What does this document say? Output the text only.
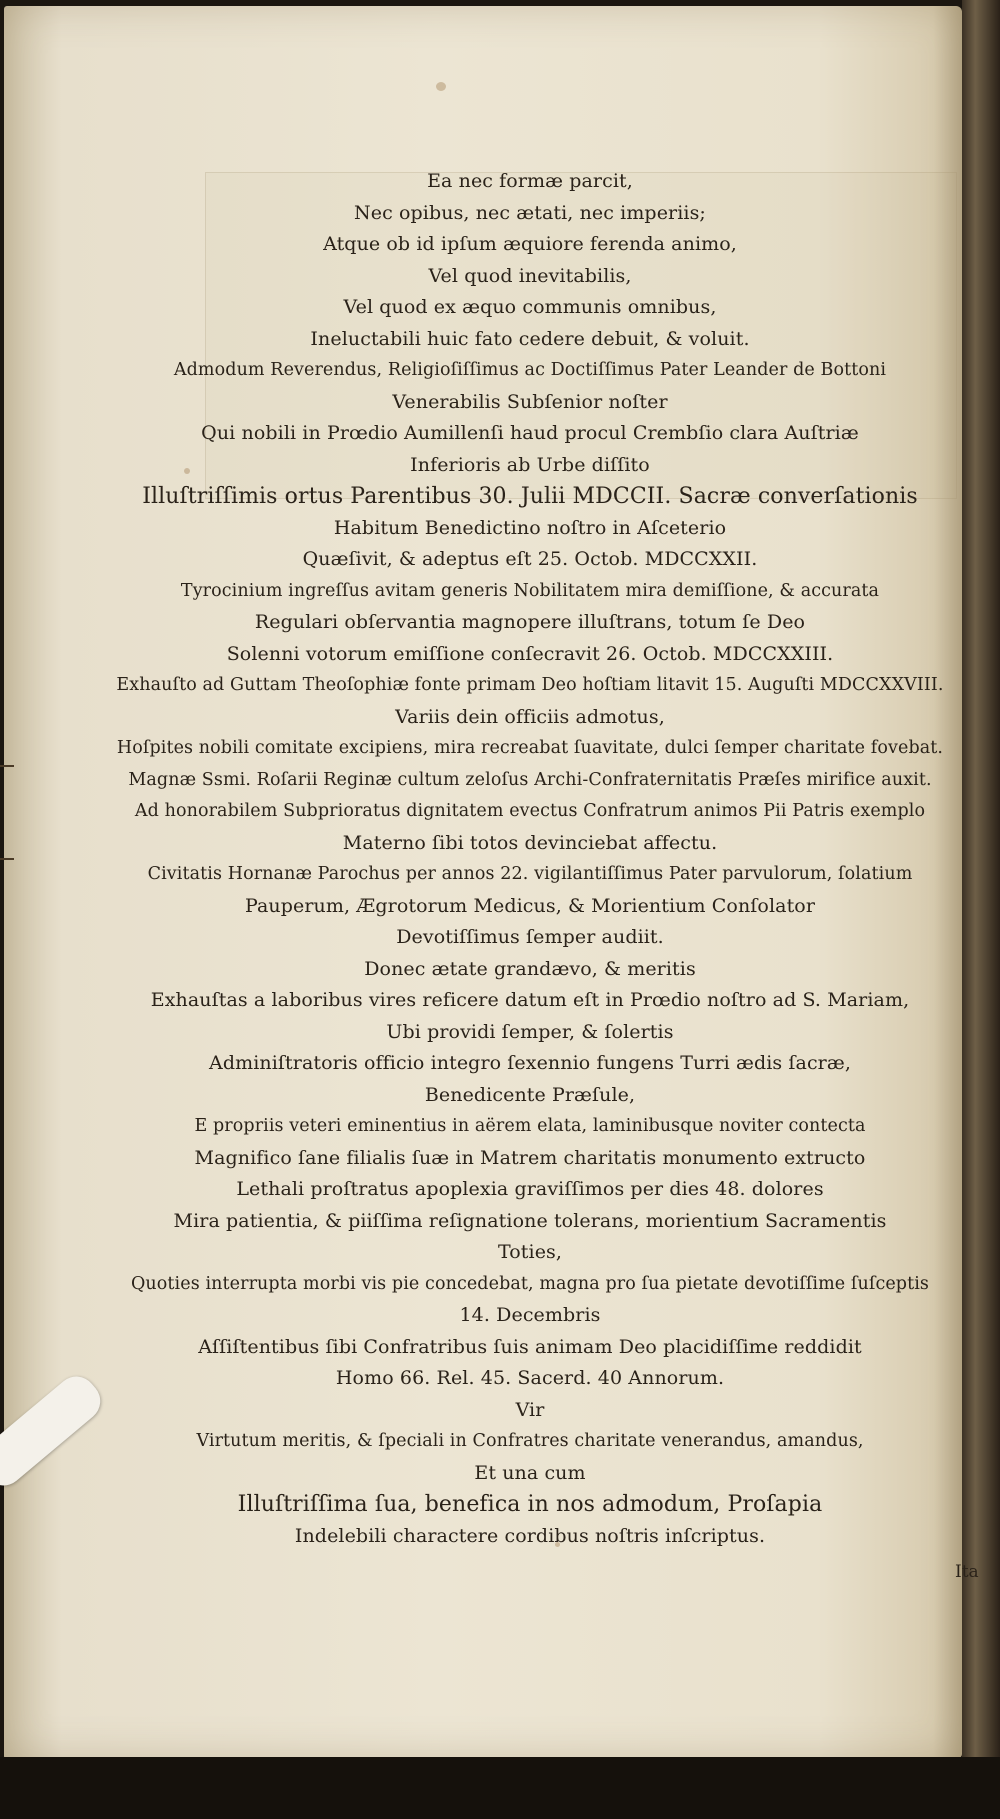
Ea nec formæ parcit,
Nec opibus, nec ætati, nec imperiis;
Atque ob id ipſum æquiore ferenda animo,
Vel quod inevitabilis,
Vel quod ex æquo communis omnibus,
Ineluctabili huic fato cedere debuit, & voluit.
Admodum Reverendus, Religioſiſſimus ac Doctiſſimus Pater Leander de Bottoni
Venerabilis Subſenior noſter
Qui nobili in Prœdio Aumillenſi haud procul Crembſio clara Auſtriæ
Inferioris ab Urbe diſſito
Illuſtriſſimis ortus Parentibus 30. Julii MDCCII. Sacræ converſationis
Habitum Benedictino noſtro in Aſceterio
Quæſivit, & adeptus eſt 25. Octob. MDCCXXII.
Tyrocinium ingreſſus avitam generis Nobilitatem mira demiſſione, & accurata
Regulari obſervantia magnopere illuſtrans, totum ſe Deo
Solenni votorum emiſſione conſecravit 26. Octob. MDCCXXIII.
Exhauſto ad Guttam Theoſophiæ fonte primam Deo hoſtiam litavit 15. Auguſti MDCCXXVIII.
Variis dein officiis admotus,
Hoſpites nobili comitate excipiens, mira recreabat ſuavitate, dulci ſemper charitate fovebat.
Magnæ Ssmi. Roſarii Reginæ cultum zeloſus Archi-Confraternitatis Præſes mirifice auxit.
Ad honorabilem Subprioratus dignitatem evectus Confratrum animos Pii Patris exemplo
Materno ſibi totos devinciebat affectu.
Civitatis Hornanæ Parochus per annos 22. vigilantiſſimus Pater parvulorum, ſolatium
Pauperum, Ægrotorum Medicus, & Morientium Conſolator
Devotiſſimus ſemper audiit.
Donec ætate grandævo, & meritis
Exhauſtas a laboribus vires reficere datum eſt in Prœdio noſtro ad S. Mariam,
Ubi providi ſemper, & ſolertis
Adminiſtratoris officio integro ſexennio fungens Turri ædis ſacræ,
Benedicente Præſule,
E propriis veteri eminentius in aërem elata, laminibusque noviter contecta
Magnifico ſane filialis ſuæ in Matrem charitatis monumento extructo
Lethali proſtratus apoplexia graviſſimos per dies 48. dolores
Mira patientia, & piiſſima reſignatione tolerans, morientium Sacramentis
Toties,
Quoties interrupta morbi vis pie concedebat, magna pro ſua pietate devotiſſime ſuſceptis
14. Decembris
Aſſiſtentibus ſibi Confratribus ſuis animam Deo placidiſſime reddidit
Homo 66. Rel. 45. Sacerd. 40 Annorum.
Vir
Virtutum meritis, & ſpeciali in Confratres charitate venerandus, amandus,
Et una cum
Illuſtriſſima ſua, benefica in nos admodum, Proſapia
Indelebili charactere cordibus noſtris inſcriptus.
Ita
